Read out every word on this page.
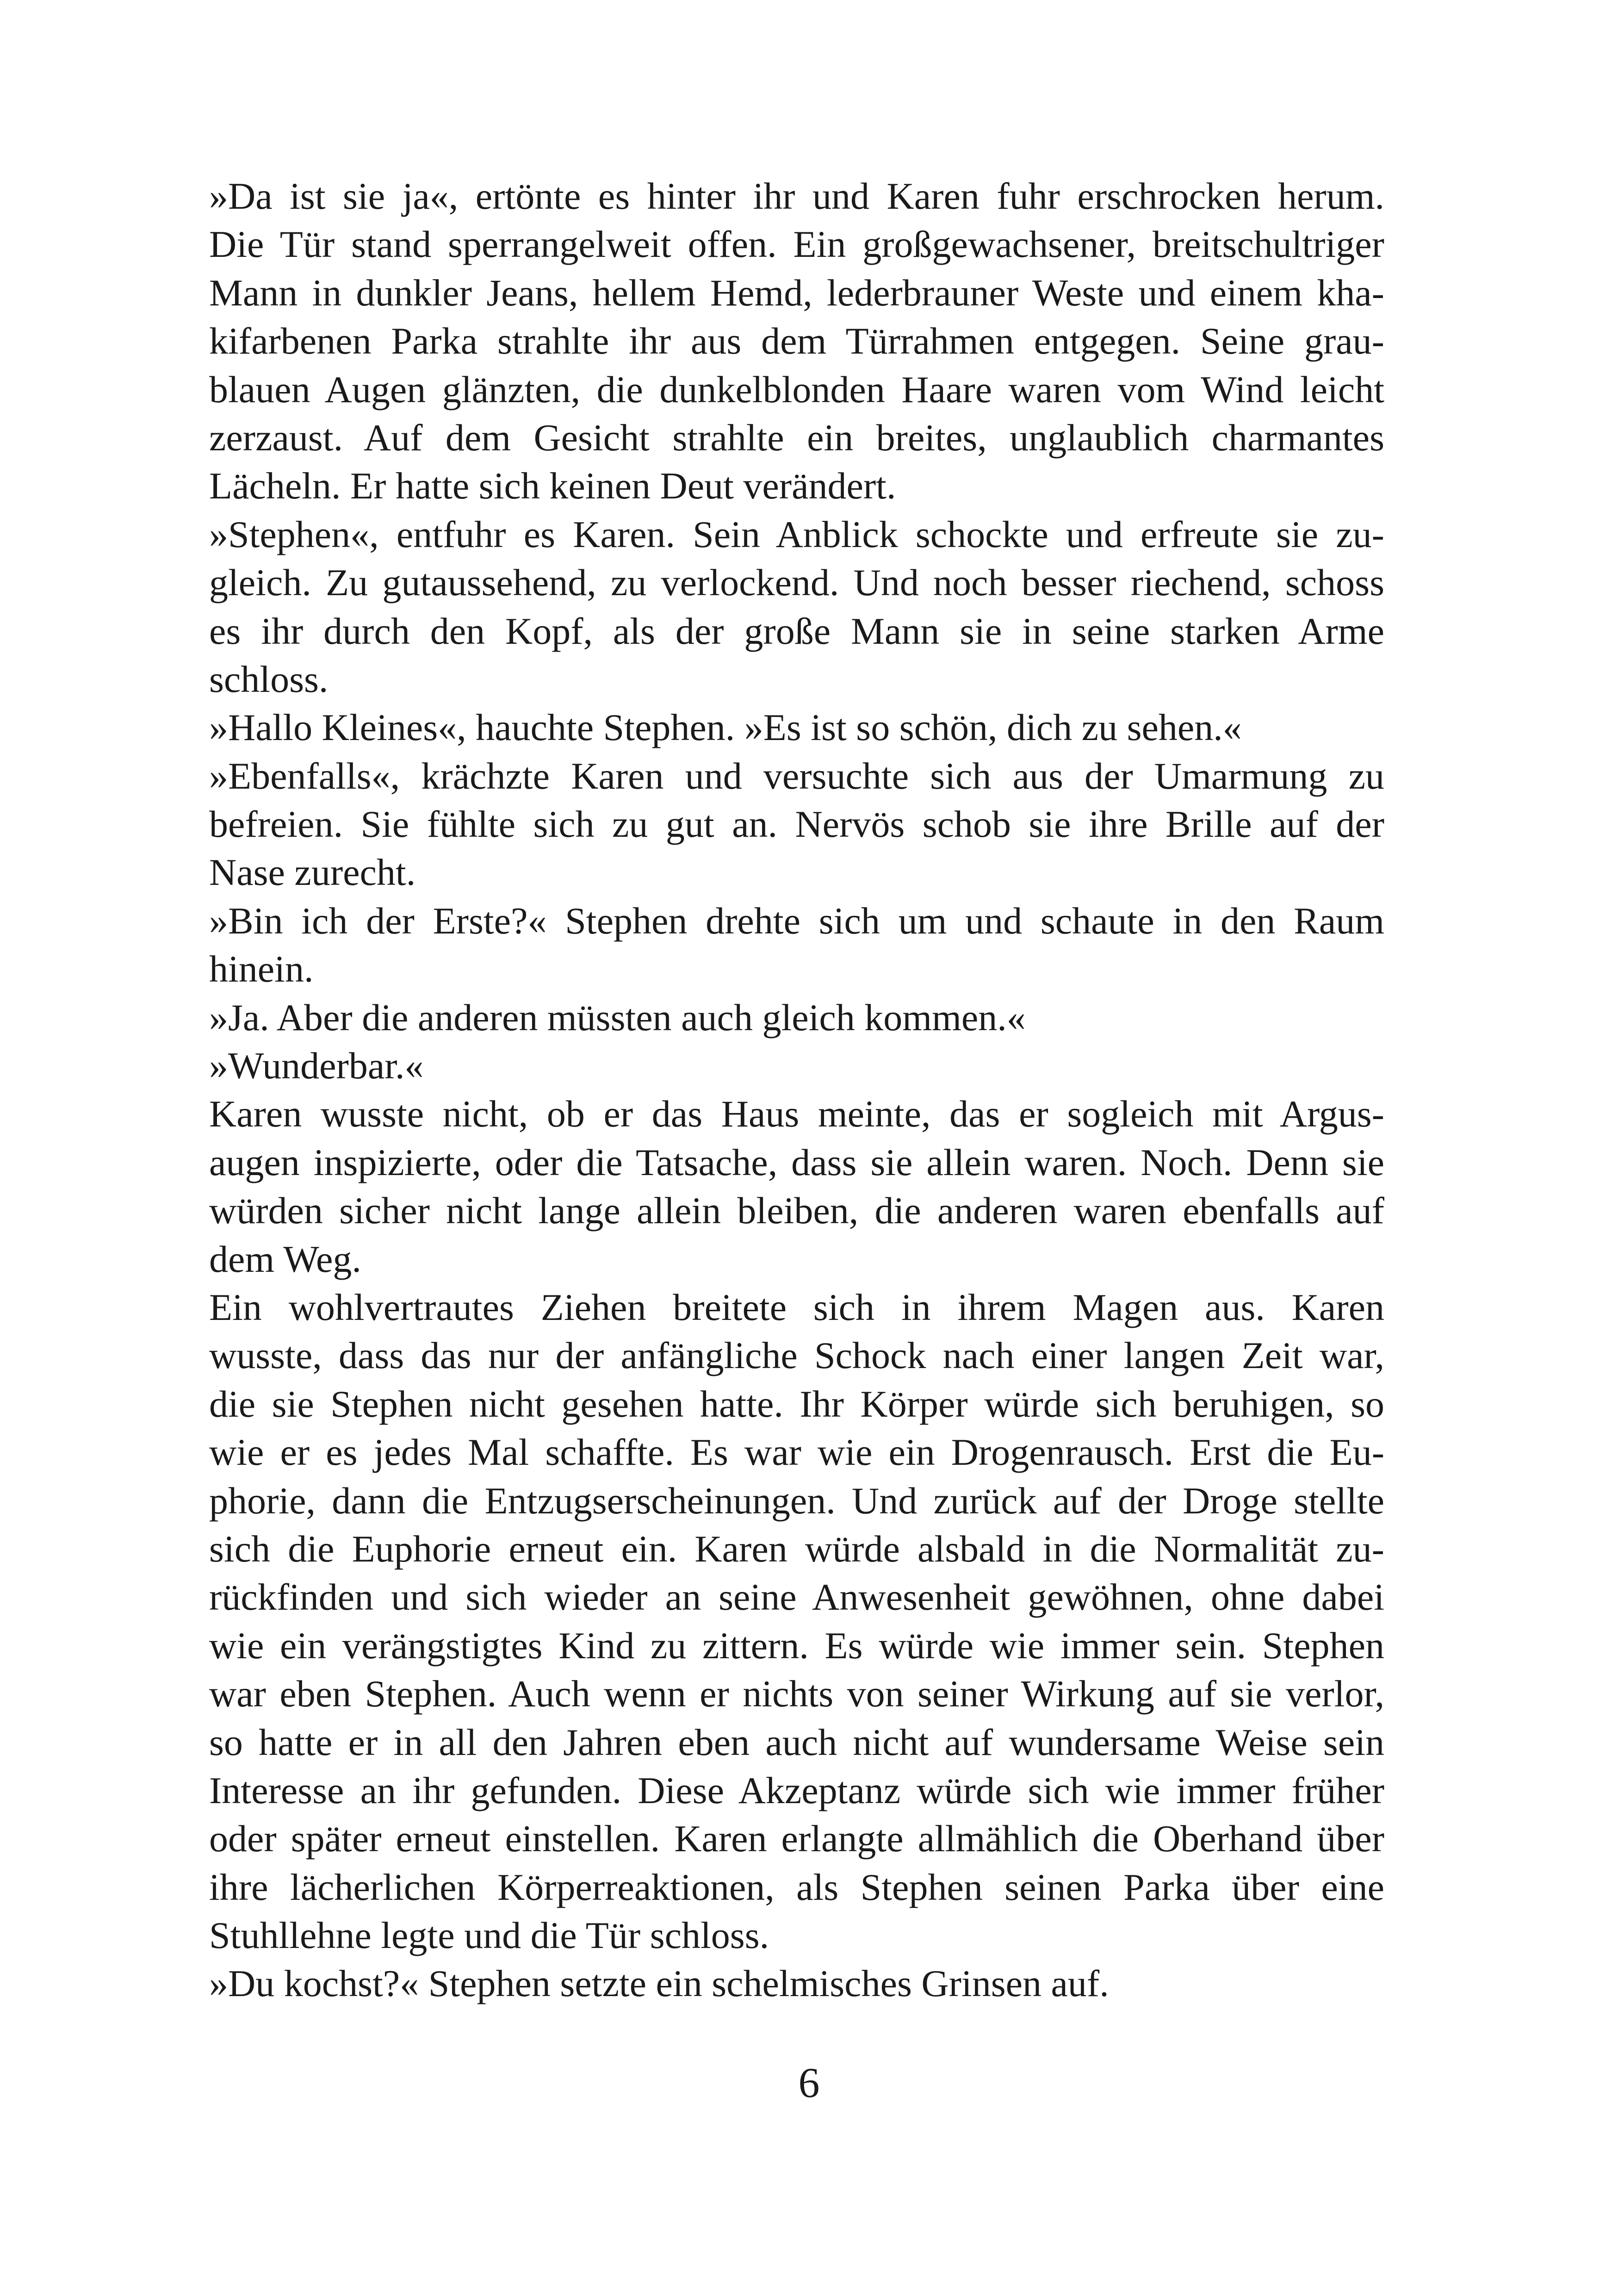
»Da ist sie ja«, ertönte es hinter ihr und Karen fuhr erschrocken herum.
Die Tür stand sperrangelweit offen. Ein großgewachsener, breitschultriger
Mann in dunkler Jeans, hellem Hemd, lederbrauner Weste und einem kha-
kifarbenen Parka strahlte ihr aus dem Türrahmen entgegen. Seine grau-
blauen Augen glänzten, die dunkelblonden Haare waren vom Wind leicht
zerzaust. Auf dem Gesicht strahlte ein breites, unglaublich charmantes
Lächeln. Er hatte sich keinen Deut verändert.
»Stephen«, entfuhr es Karen. Sein Anblick schockte und erfreute sie zu-
gleich. Zu gutaussehend, zu verlockend. Und noch besser riechend, schoss
es ihr durch den Kopf, als der große Mann sie in seine starken Arme
schloss.
»Hallo Kleines«, hauchte Stephen. »Es ist so schön, dich zu sehen.«
»Ebenfalls«, krächzte Karen und versuchte sich aus der Umarmung zu
befreien. Sie fühlte sich zu gut an. Nervös schob sie ihre Brille auf der
Nase zurecht.
»Bin ich der Erste?« Stephen drehte sich um und schaute in den Raum
hinein.
»Ja. Aber die anderen müssten auch gleich kommen.«
»Wunderbar.«
Karen wusste nicht, ob er das Haus meinte, das er sogleich mit Argus-
augen inspizierte, oder die Tatsache, dass sie allein waren. Noch. Denn sie
würden sicher nicht lange allein bleiben, die anderen waren ebenfalls auf
dem Weg.
Ein wohlvertrautes Ziehen breitete sich in ihrem Magen aus. Karen
wusste, dass das nur der anfängliche Schock nach einer langen Zeit war,
die sie Stephen nicht gesehen hatte. Ihr Körper würde sich beruhigen, so
wie er es jedes Mal schaffte. Es war wie ein Drogenrausch. Erst die Eu-
phorie, dann die Entzugserscheinungen. Und zurück auf der Droge stellte
sich die Euphorie erneut ein. Karen würde alsbald in die Normalität zu-
rückfinden und sich wieder an seine Anwesenheit gewöhnen, ohne dabei
wie ein verängstigtes Kind zu zittern. Es würde wie immer sein. Stephen
war eben Stephen. Auch wenn er nichts von seiner Wirkung auf sie verlor,
so hatte er in all den Jahren eben auch nicht auf wundersame Weise sein
Interesse an ihr gefunden. Diese Akzeptanz würde sich wie immer früher
oder später erneut einstellen. Karen erlangte allmählich die Oberhand über
ihre lächerlichen Körperreaktionen, als Stephen seinen Parka über eine
Stuhllehne legte und die Tür schloss.
»Du kochst?« Stephen setzte ein schelmisches Grinsen auf.
6
